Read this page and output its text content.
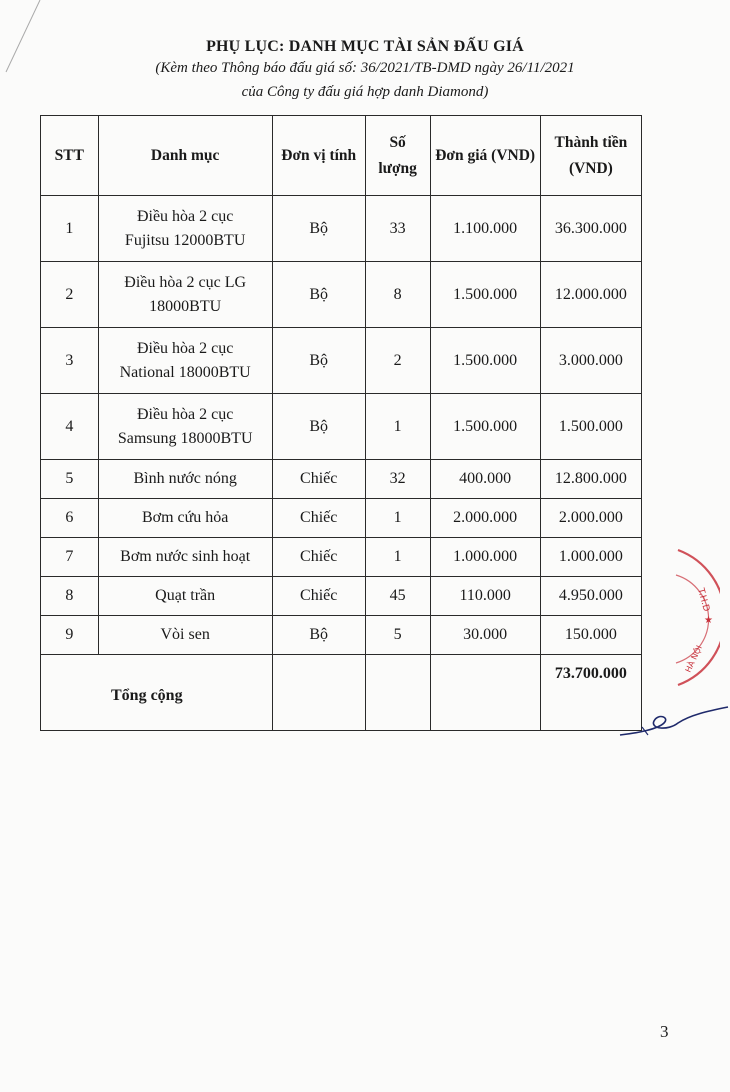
PHỤ LỤC: DANH MỤC TÀI SẢN ĐẤU GIÁ
(Kèm theo Thông báo đấu giá số: 36/2021/TB-DMD ngày 26/11/2021
của Công ty đấu giá hợp danh Diamond)
STT	Danh mục	Đơn vị tính	Số lượng	Đơn giá (VND)	Thành tiền (VND)
1	Điều hòa 2 cục
Fujitsu 12000BTU	Bộ	33	1.100.000	36.300.000
2	Điều hòa 2 cục LG
18000BTU	Bộ	8	1.500.000	12.000.000
3	Điều hòa 2 cục
National 18000BTU	Bộ	2	1.500.000	3.000.000
4	Điều hòa 2 cục
Samsung 18000BTU	Bộ	1	1.500.000	1.500.000
5	Bình nước nóng	Chiếc	32	400.000	12.800.000
6	Bơm cứu hỏa	Chiếc	1	2.000.000	2.000.000
7	Bơm nước sinh hoạt	Chiếc	1	1.000.000	1.000.000
8	Quạt trần	Chiếc	45	110.000	4.950.000
9	Vòi sen	Bộ	5	30.000	150.000
Tổng cộng					73.700.000
T.H.D
★
HÀ NỘI
3
